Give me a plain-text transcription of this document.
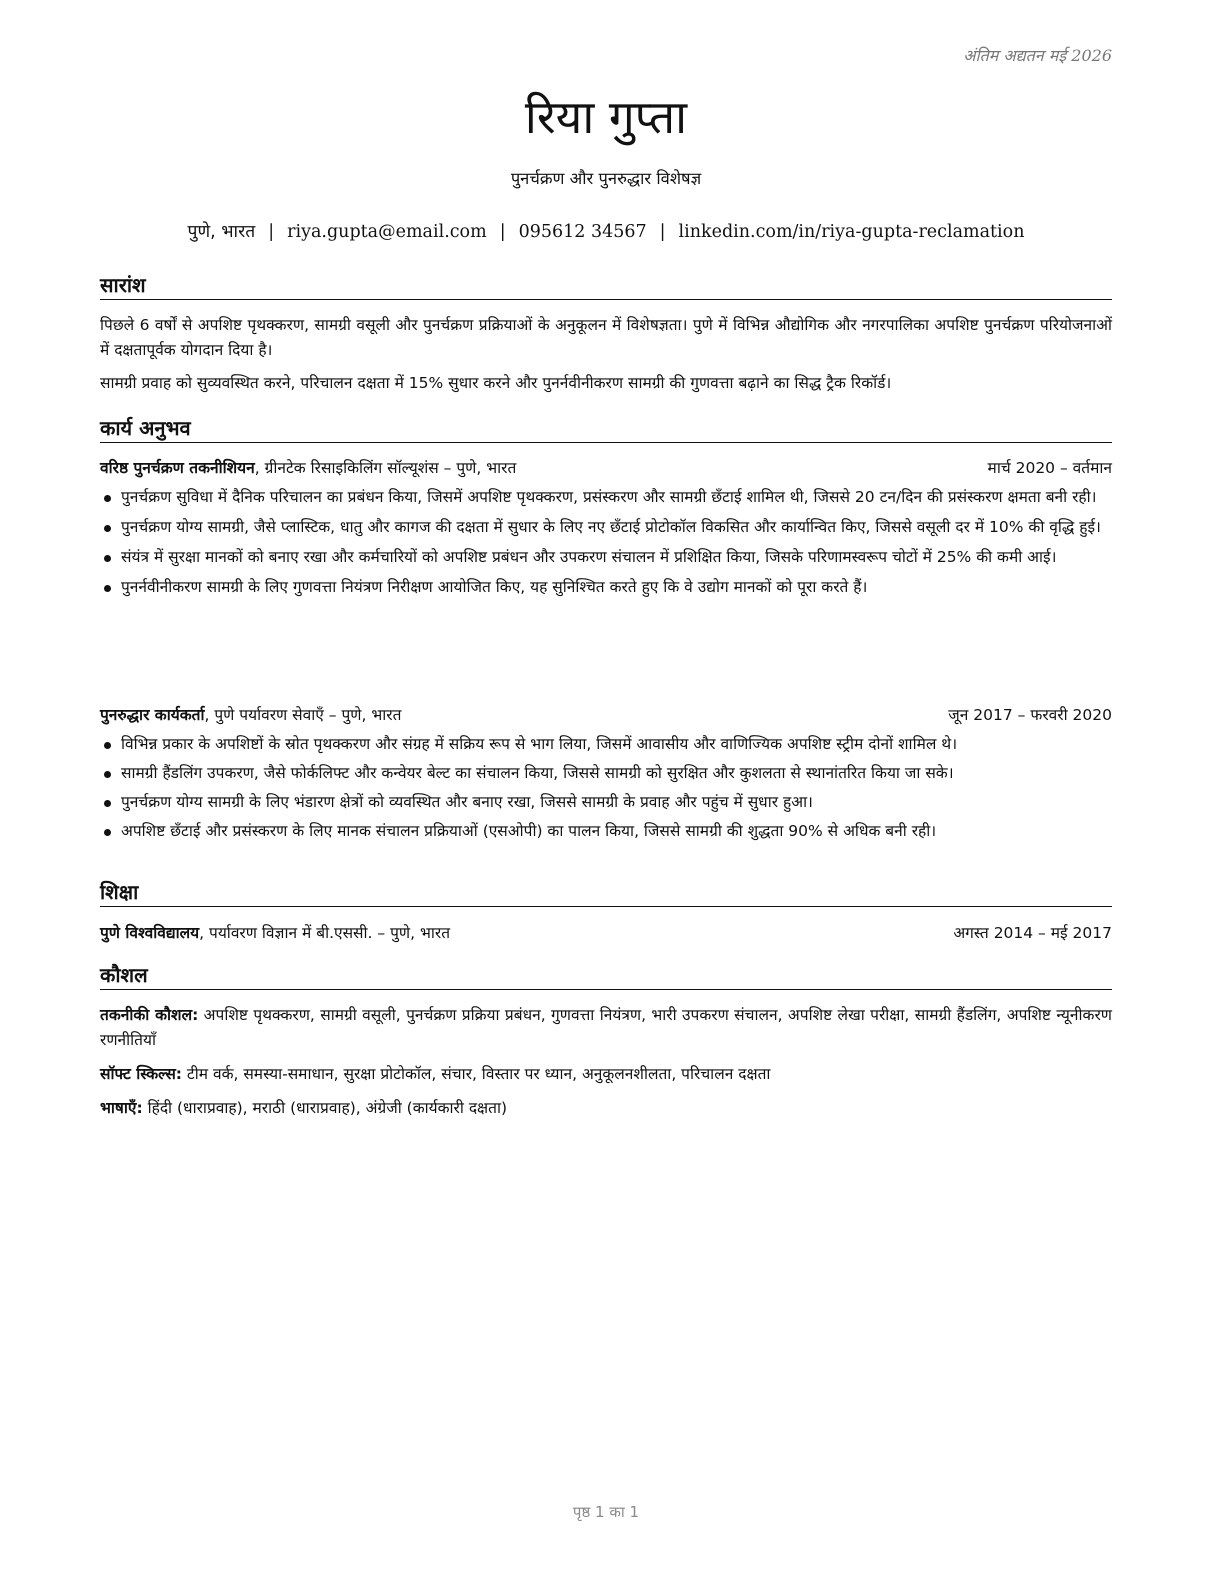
अंतिम अद्यतन मई 2026
रिया गुप्ता
पुनर्चक्रण और पुनरुद्धार विशेषज्ञ
पुणे, भारत | riya.gupta@email.com | 095612 34567 | linkedin.com/in/riya-gupta-reclamation
सारांश

पिछले 6 वर्षों से अपशिष्ट पृथक्करण, सामग्री वसूली और पुनर्चक्रण प्रक्रियाओं के अनुकूलन में विशेषज्ञता। पुणे में विभिन्न औद्योगिक और नगरपालिका अपशिष्ट पुनर्चक्रण परियोजनाओं में दक्षतापूर्वक योगदान दिया है।

सामग्री प्रवाह को सुव्यवस्थित करने, परिचालन दक्षता में 15% सुधार करने और पुनर्नवीनीकरण सामग्री की गुणवत्ता बढ़ाने का सिद्ध ट्रैक रिकॉर्ड।

कार्य अनुभव
वरिष्ठ पुनर्चक्रण तकनीशियन, ग्रीनटेक रिसाइकिलिंग सॉल्यूशंस – पुणे, भारत	मार्च 2020 – वर्तमान
पुनर्चक्रण सुविधा में दैनिक परिचालन का प्रबंधन किया, जिसमें अपशिष्ट पृथक्करण, प्रसंस्करण और सामग्री छँटाई शामिल थी, जिससे 20 टन/दिन की प्रसंस्करण क्षमता बनी रही।
पुनर्चक्रण योग्य सामग्री, जैसे प्लास्टिक, धातु और कागज की दक्षता में सुधार के लिए नए छँटाई प्रोटोकॉल विकसित और कार्यान्वित किए, जिससे वसूली दर में 10% की वृद्धि हुई।
संयंत्र में सुरक्षा मानकों को बनाए रखा और कर्मचारियों को अपशिष्ट प्रबंधन और उपकरण संचालन में प्रशिक्षित किया, जिसके परिणामस्वरूप चोटों में 25% की कमी आई।
पुनर्नवीनीकरण सामग्री के लिए गुणवत्ता नियंत्रण निरीक्षण आयोजित किए, यह सुनिश्चित करते हुए कि वे उद्योग मानकों को पूरा करते हैं।
पुनरुद्धार कार्यकर्ता, पुणे पर्यावरण सेवाएँ – पुणे, भारत	जून 2017 – फरवरी 2020
विभिन्न प्रकार के अपशिष्टों के स्रोत पृथक्करण और संग्रह में सक्रिय रूप से भाग लिया, जिसमें आवासीय और वाणिज्यिक अपशिष्ट स्ट्रीम दोनों शामिल थे।
सामग्री हैंडलिंग उपकरण, जैसे फोर्कलिफ्ट और कन्वेयर बेल्ट का संचालन किया, जिससे सामग्री को सुरक्षित और कुशलता से स्थानांतरित किया जा सके।
पुनर्चक्रण योग्य सामग्री के लिए भंडारण क्षेत्रों को व्यवस्थित और बनाए रखा, जिससे सामग्री के प्रवाह और पहुंच में सुधार हुआ।
अपशिष्ट छँटाई और प्रसंस्करण के लिए मानक संचालन प्रक्रियाओं (एसओपी) का पालन किया, जिससे सामग्री की शुद्धता 90% से अधिक बनी रही।
शिक्षा
पुणे विश्वविद्यालय, पर्यावरण विज्ञान में बी.एससी. – पुणे, भारत	अगस्त 2014 – मई 2017
कौशल

तकनीकी कौशल: अपशिष्ट पृथक्करण, सामग्री वसूली, पुनर्चक्रण प्रक्रिया प्रबंधन, गुणवत्ता नियंत्रण, भारी उपकरण संचालन, अपशिष्ट लेखा परीक्षा, सामग्री हैंडलिंग, अपशिष्ट न्यूनीकरण रणनीतियाँ

सॉफ्ट स्किल्स: टीम वर्क, समस्या-समाधान, सुरक्षा प्रोटोकॉल, संचार, विस्तार पर ध्यान, अनुकूलनशीलता, परिचालन दक्षता

भाषाएँ: हिंदी (धाराप्रवाह), मराठी (धाराप्रवाह), अंग्रेजी (कार्यकारी दक्षता)

पृष्ठ 1 का 1
